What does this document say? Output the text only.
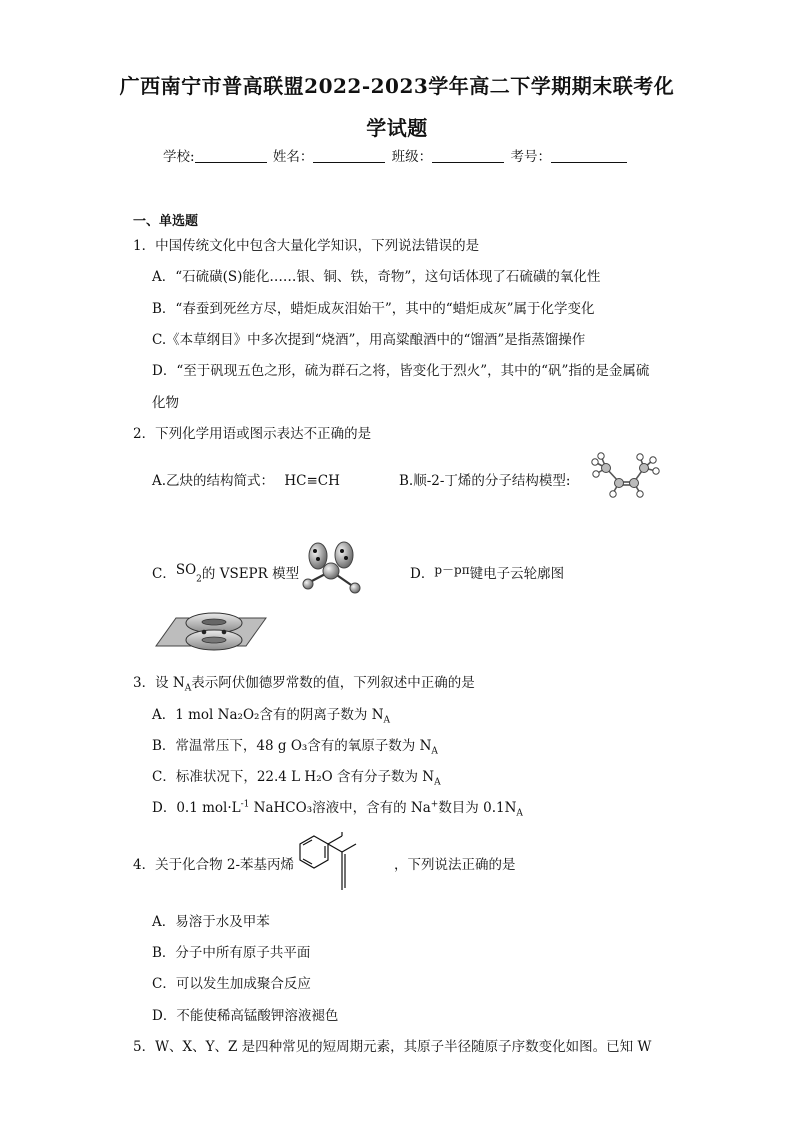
广西南宁市普高联盟2022-2023学年高二下学期期末联考化
学试题
学校:	姓名：	班级：	考号：
一、单选题
1．中国传统文化中包含大量化学知识，下列说法错误的是
A．“石硫磺(S)能化……银、铜、铁，奇物”，这句话体现了石硫磺的氧化性
B．“春蚕到死丝方尽，蜡炬成灰泪始干”，其中的“蜡炬成灰”属于化学变化
C.《本草纲目》中多次提到“烧酒”，用高粱酿酒中的“馏酒”是指蒸馏操作
D．“至于矾现五色之形，硫为群石之将，皆变化于烈火”，其中的“矾”指的是金属硫
化物
2．下列化学用语或图示表达不正确的是
A.乙炔的结构简式： HC≡CH	B.顺-2-丁烯的分子结构模型:
C．$SO_2$的 VSEPR 模型	D．p－pπ键电子云轮廓图
3．设 $N_A$表示阿伏伽德罗常数的值，下列叙述中正确的是
A．1 mol Na₂O₂含有的阴离子数为 $N_A$
B．常温常压下，48 g O₃含有的氧原子数为 $N_A$
C．标准状况下，22.4 L H₂O 含有分子数为 $N_A$
D．0.1 $mol\cdot L^{-1}$ NaHCO₃溶液中，含有的 Na+数目为 $0.1N_A$
4．关于化合物 2-苯基丙烯	，下列说法正确的是
A．易溶于水及甲苯
B．分子中所有原子共平面
C．可以发生加成聚合反应
D．不能使稀高锰酸钾溶液褪色
5．W、X、Y、Z 是四种常见的短周期元素，其原子半径随原子序数变化如图。已知 W
